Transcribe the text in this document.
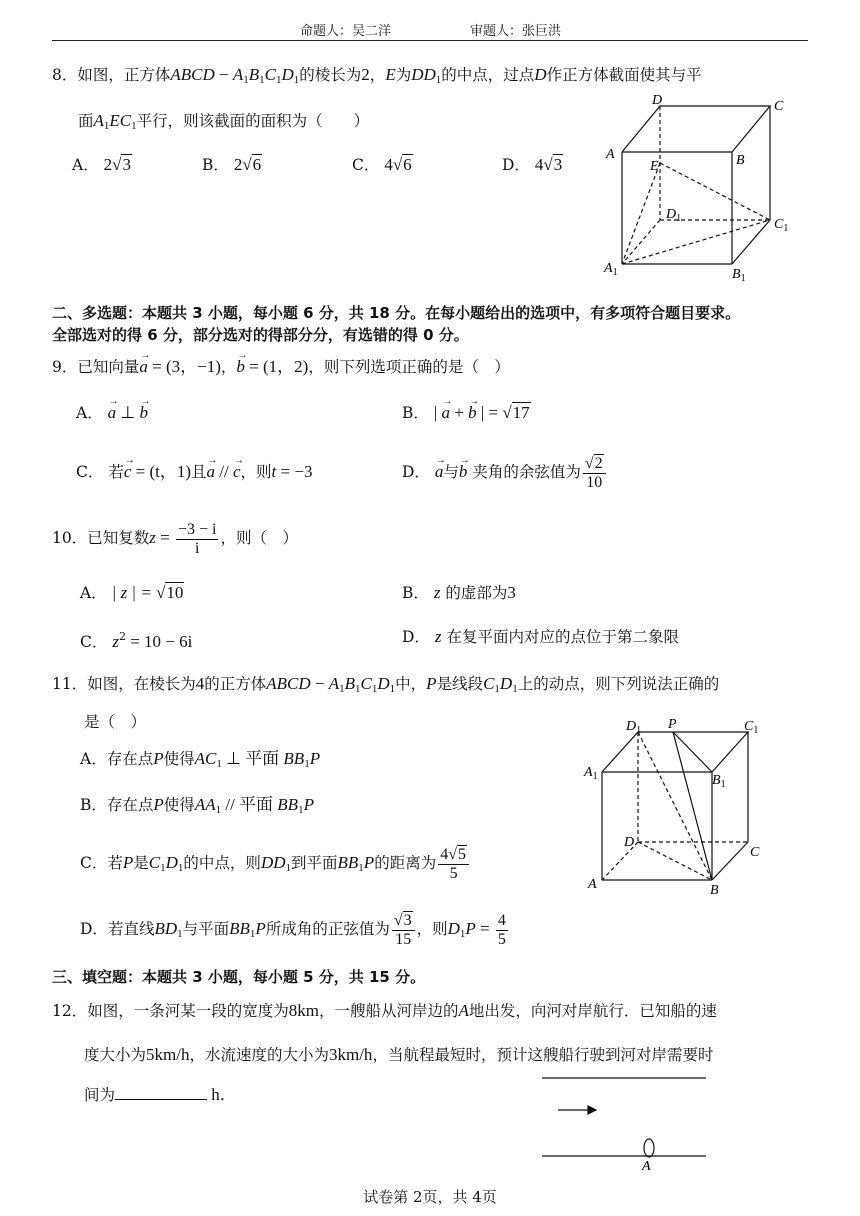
命题人：吴二洋	审题人：张巨洪
8．如图，正方体ABCD − $A_1B_1C_1D_1$的棱长为2，E为$DD_1$的中点，过点D作正方体截面使其与平
面$A_1EC_1$平行，则该截面的面积为（　　）
A． 2√3	B． 2√6	C． 4√6	D． 4√3
D	C
A	B
E
$D_1$	$C_1$
$A_1$	$B_1$
二、多选题：本题共 3 小题，每小题 6 分，共 18 分。在每小题给出的选项中，有多项符合题目要求。
全部选对的得 6 分，部分选对的得部分分，有选错的得 0 分。
9．已知向量→ a = (3，−1)，→ b = (1，2)，则下列选项正确的是（　）
A． → a ⊥ → b	B． | → a + → b | = √17
C． 若→ c = (t，1)且→ a // → c，则t = −3	D． → a与→ b 夹角的余弦值为 $\frac{√2}{10}$
10．已知复数$z = \frac{-3 - i}{i}$ ，则（　）
A． | z | = √10	B． z 的虚部为3
C． $z^2 = 10 - 6i$	D． z 在复平面内对应的点位于第二象限
11．如图，在棱长为4的正方体ABCD − $A_1B_1C_1D_1$中，P是线段$C_1D_1$上的动点，则下列说法正确的
是（　）
A．存在点P使得$AC_1$ ⊥ 平面 $BB_1P$
B．存在点P使得$AA_1$ // 平面 $BB_1P$
C．若P是$C_1D_1$的中点，则$DD_1$到平面$BB_1P$的距离为 $\frac{4√5}{5}$
D．若直线$BD_1$与平面$BB_1P$所成角的正弦值为 $\frac{√3}{15}$ ，则$D_1P = \frac{4}{5}$
$D_1$ P	$C_1$
$A_1$	$B_1$
D
C
A	B
三、填空题：本题共 3 小题，每小题 5 分，共 15 分。
12．如图，一条河某一段的宽度为8km，一艘船从河岸边的A地出发，向河对岸航行．已知船的速
度大小为5km/h，水流速度的大小为3km/h，当航程最短时，预计这艘船行驶到河对岸需要时
间为	h．
A
试卷第 2页，共 4页
